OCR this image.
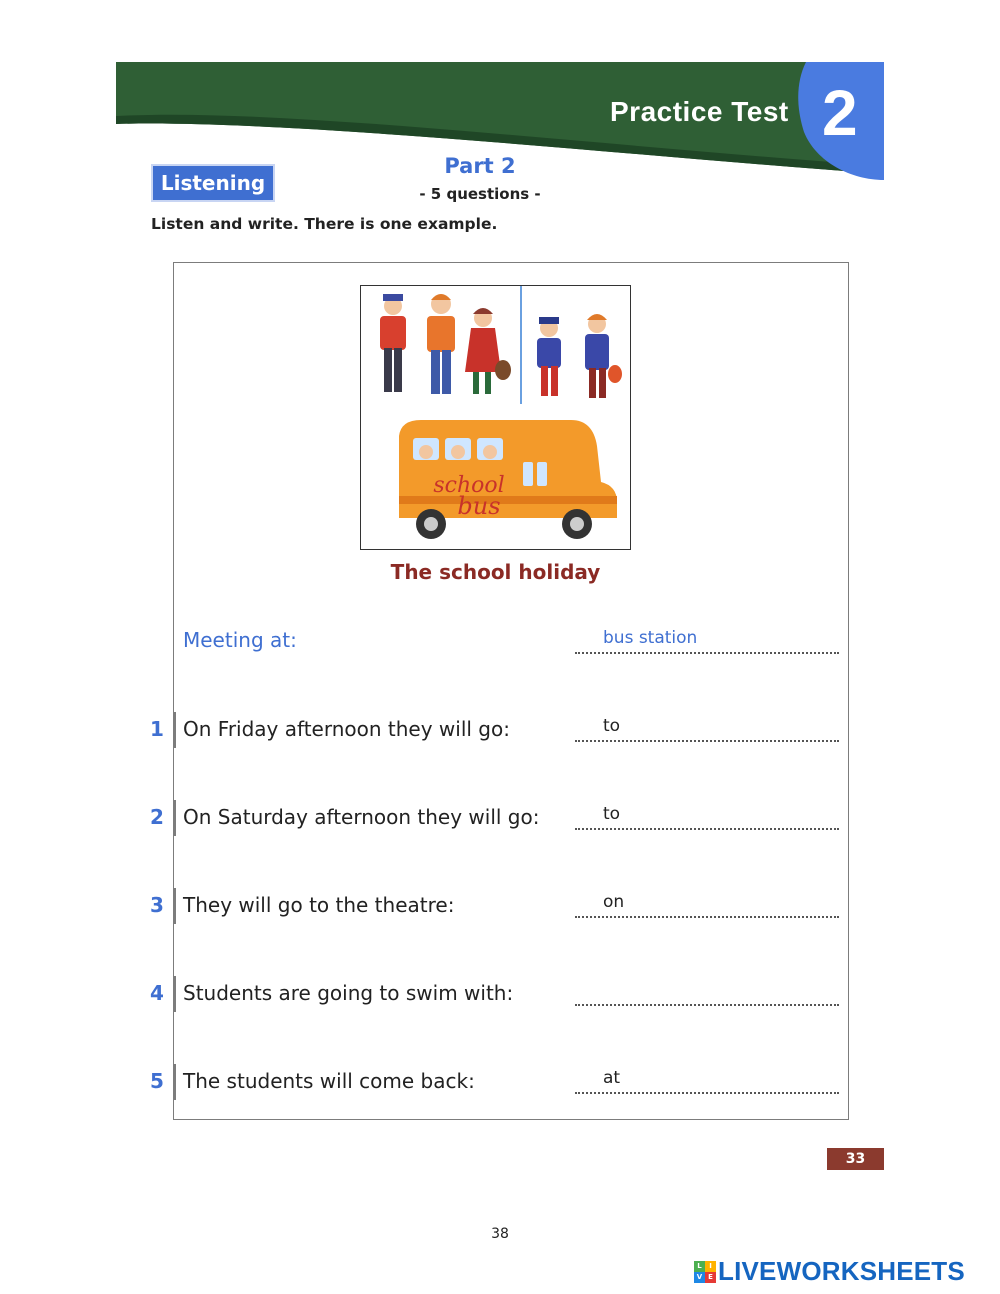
Practice Test 2
Listening
Part 2
- 5 questions -
Listen and write. There is one example.
school
bus
The school holiday
Meeting at:	bus station
1 On Friday afternoon they will go:	to
2 On Saturday afternoon they will go:	to
3 They will go to the theatre:	on
4 Students are going to swim with:
5 The students will come back:	at
33
38
L	I
V E LIVEWORKSHEETS
